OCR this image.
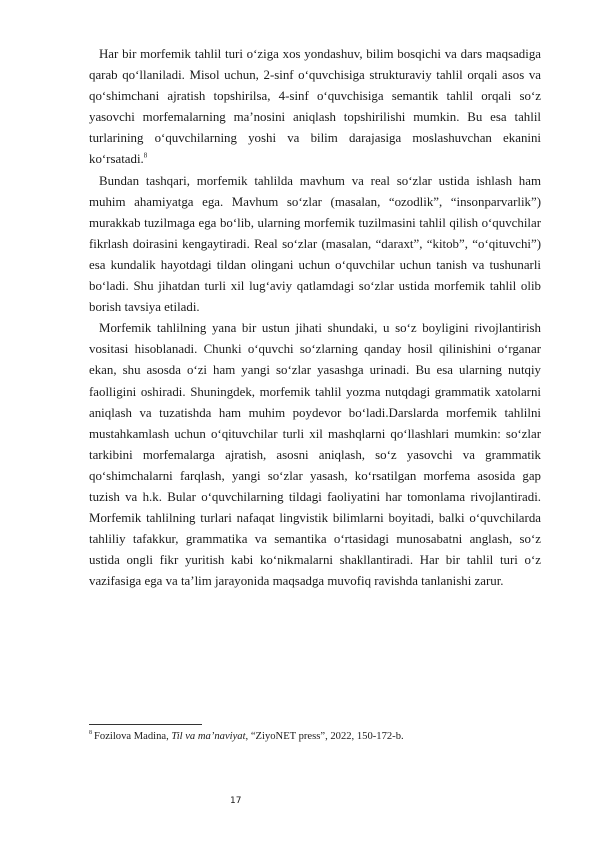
Har bir morfemik tahlil turi o‘ziga xos yondashuv, bilim bosqichi va dars maqsadiga qarab qo‘llaniladi. Misol uchun, 2-sinf o‘quvchisiga strukturaviy tahlil orqali asos va qo‘shimchani ajratish topshirilsa, 4-sinf o‘quvchisiga semantik tahlil orqali so‘z yasovchi morfemalarning ma’nosini aniqlash topshirilishi mumkin. Bu esa tahlil turlarining o‘quvchilarning yoshi va bilim darajasiga moslashuvchan ekanini ko‘rsatadi.$^8$

Bundan tashqari, morfemik tahlilda mavhum va real so‘zlar ustida ishlash ham muhim ahamiyatga ega. Mavhum so‘zlar (masalan, “ozodlik”, “insonparvarlik”) murakkab tuzilmaga ega bo‘lib, ularning morfemik tuzilmasini tahlil qilish o‘quvchilar fikrlash doirasini kengaytiradi. Real so‘zlar (masalan, “daraxt”, “kitob”, “o‘qituvchi”) esa kundalik hayotdagi tildan olingani uchun o‘quvchilar uchun tanish va tushunarli bo‘ladi. Shu jihatdan turli xil lug‘aviy qatlamdagi so‘zlar ustida morfemik tahlil olib borish tavsiya etiladi.

Morfemik tahlilning yana bir ustun jihati shundaki, u so‘z boyligini rivojlantirish vositasi hisoblanadi. Chunki o‘quvchi so‘zlarning qanday hosil qilinishini o‘rganar ekan, shu asosda o‘zi ham yangi so‘zlar yasashga urinadi. Bu esa ularning nutqiy faolligini oshiradi. Shuningdek, morfemik tahlil yozma nutqdagi grammatik xatolarni aniqlash va tuzatishda ham muhim poydevor bo‘ladi.Darslarda morfemik tahlilni mustahkamlash uchun o‘qituvchilar turli xil mashqlarni qo‘llashlari mumkin: so‘zlar tarkibini morfemalarga ajratish, asosni aniqlash, so‘z yasovchi va grammatik qo‘shimchalarni farqlash, yangi so‘zlar yasash, ko‘rsatilgan morfema asosida gap tuzish va h.k. Bular o‘quvchilarning tildagi faoliyatini har tomonlama rivojlantiradi. Morfemik tahlilning turlari nafaqat lingvistik bilimlarni boyitadi, balki o‘quvchilarda tahliliy tafakkur, grammatika va semantika o‘rtasidagi munosabatni anglash, so‘z ustida ongli fikr yuritish kabi ko‘nikmalarni shakllantiradi. Har bir tahlil turi o‘z vazifasiga ega va ta’lim jarayonida maqsadga muvofiq ravishda tanlanishi zarur.

$^8$ Fozilova Madina, Til va ma’naviyat, “ZiyoNET press”, 2022, 150-172-b.
17
